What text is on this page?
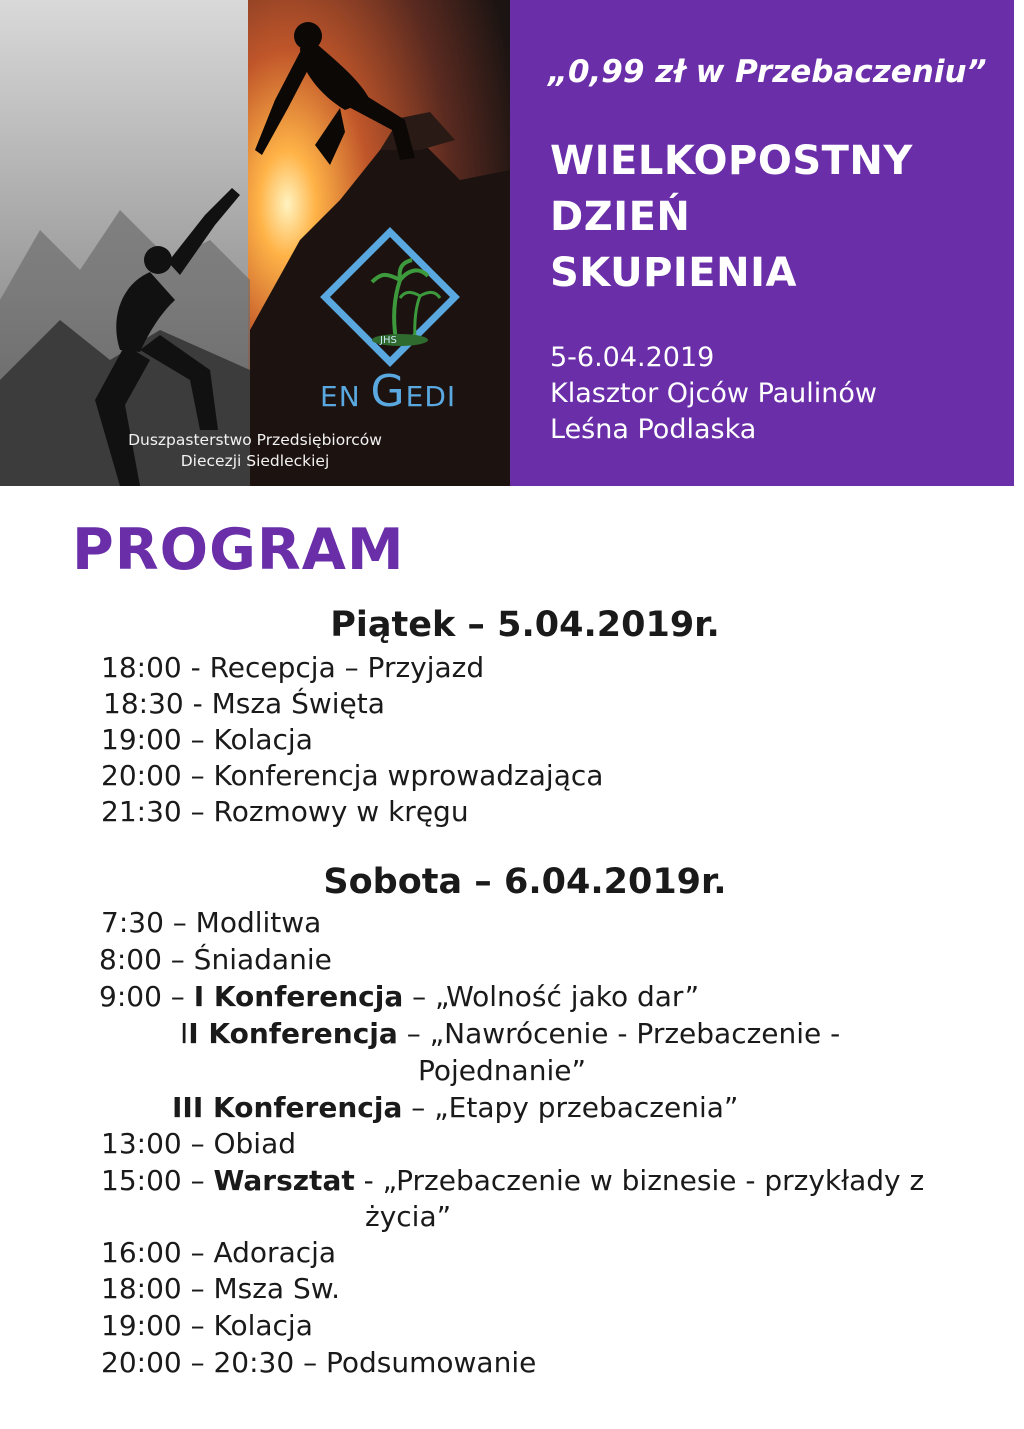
JHS
EN GEDI
Duszpasterstwo Przedsiębiorców
Diecezji Siedleckiej
„0,99 zł w Przebaczeniu”
WIELKOPOSTNY
DZIEŃ
SKUPIENIA
5-6.04.2019
Klasztor Ojców Paulinów
Leśna Podlaska
PROGRAM
Piątek – 5.04.2019r.
18:00 - Recepcja – Przyjazd
18:30 - Msza Święta
19:00 – Kolacja
20:00 – Konferencja wprowadzająca
21:30 – Rozmowy w kręgu
Sobota – 6.04.2019r.
7:30 – Modlitwa
8:00 – Śniadanie
9:00 – I Konferencja – „Wolność jako dar”
II Konferencja – „Nawrócenie - Przebaczenie -
Pojednanie”
III Konferencja – „Etapy przebaczenia”
13:00 – Obiad
15:00 – Warsztat - „Przebaczenie w biznesie - przykłady z
życia”
16:00 – Adoracja
18:00 – Msza Sw.
19:00 – Kolacja
20:00 – 20:30 – Podsumowanie
